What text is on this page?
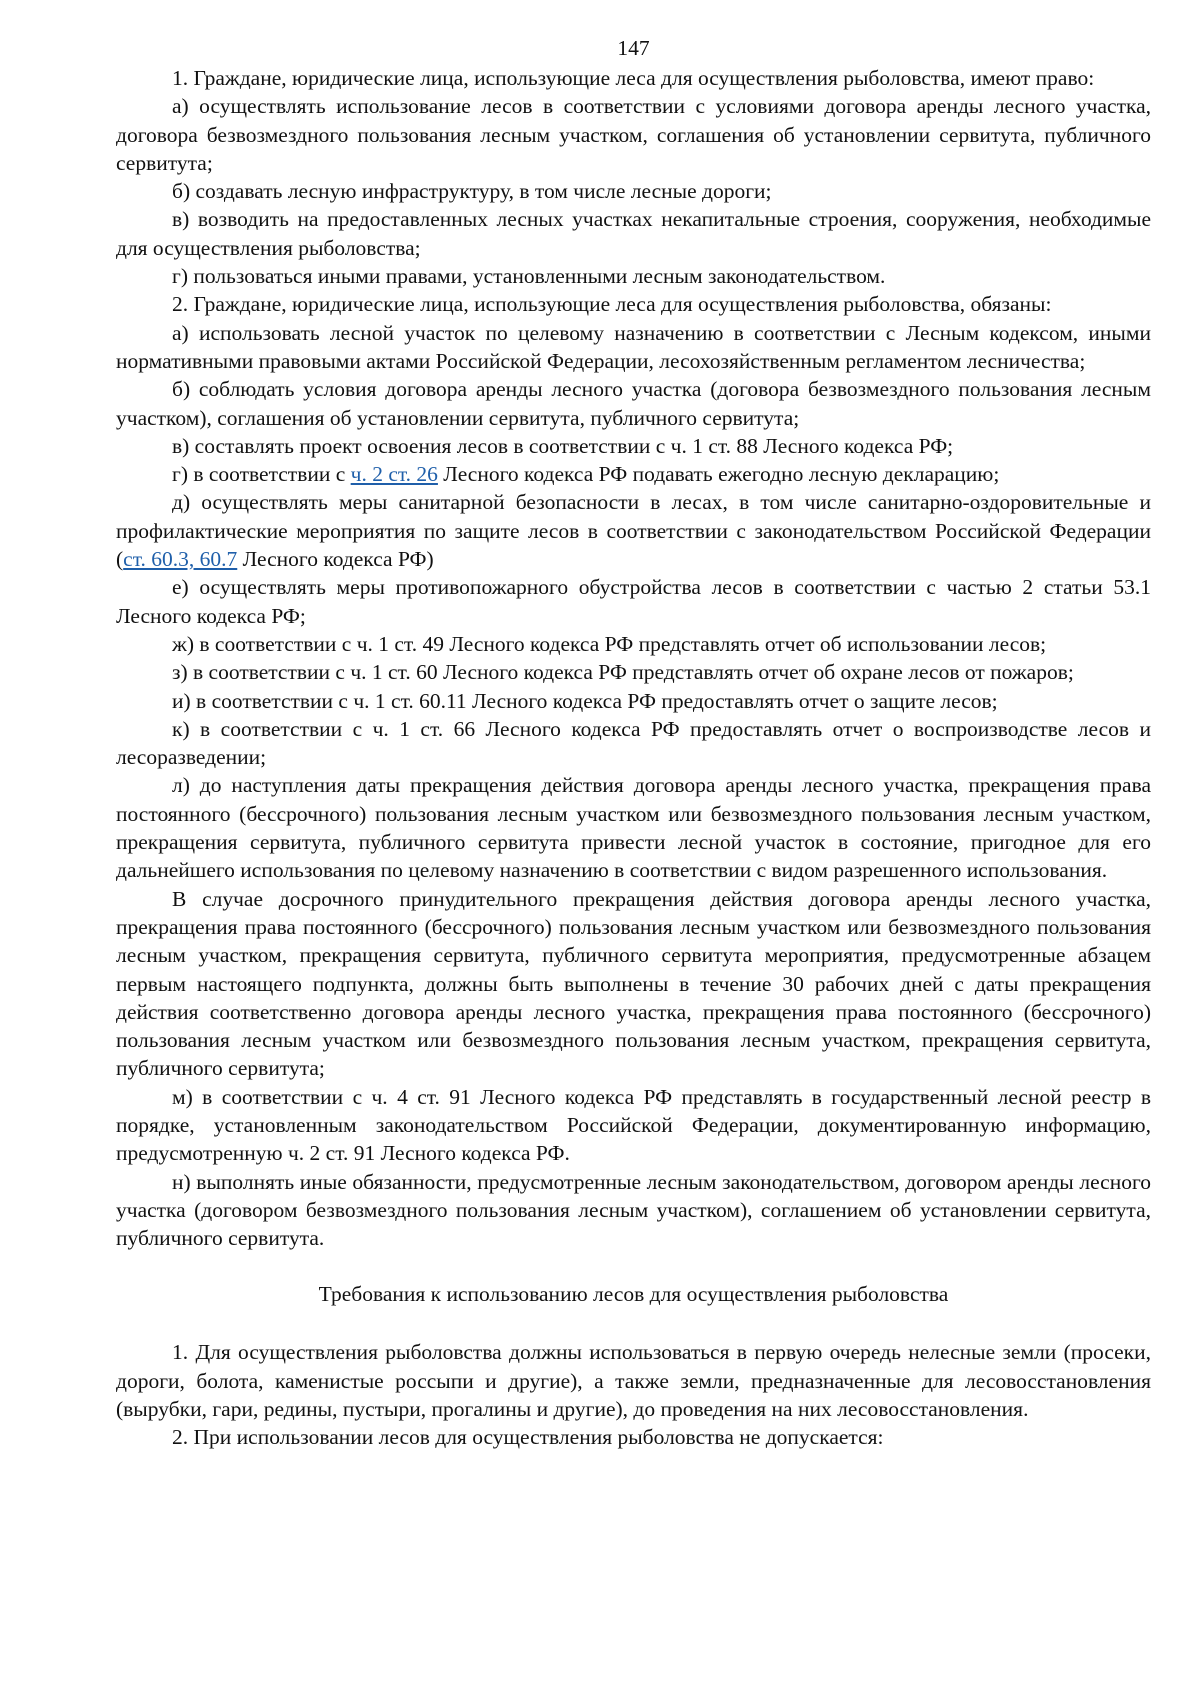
147

1. Граждане, юридические лица, использующие леса для осуществления рыболовства, имеют право:

а) осуществлять использование лесов в соответствии с условиями договора аренды лесного участка, договора безвозмездного пользования лесным участком, соглашения об установлении сервитута, публичного сервитута;

б) создавать лесную инфраструктуру, в том числе лесные дороги;

в) возводить на предоставленных лесных участках некапитальные строения, сооружения, необходимые для осуществления рыболовства;

г) пользоваться иными правами, установленными лесным законодательством.

2. Граждане, юридические лица, использующие леса для осуществления рыболовства, обязаны:

а) использовать лесной участок по целевому назначению в соответствии с Лесным кодексом, иными нормативными правовыми актами Российской Федерации, лесохозяйственным регламентом лесничества;

б) соблюдать условия договора аренды лесного участка (договора безвозмездного пользования лесным участком), соглашения об установлении сервитута, публичного сервитута;

в) составлять проект освоения лесов в соответствии с ч. 1 ст. 88 Лесного кодекса РФ;

г) в соответствии с ч. 2 ст. 26 Лесного кодекса РФ подавать ежегодно лесную декларацию;

д) осуществлять меры санитарной безопасности в лесах, в том числе санитарно-оздоровительные и профилактические мероприятия по защите лесов в соответствии с законодательством Российской Федерации (ст. 60.3, 60.7 Лесного кодекса РФ)

е) осуществлять меры противопожарного обустройства лесов в соответствии с частью 2 статьи 53.1 Лесного кодекса РФ;

ж) в соответствии с ч. 1 ст. 49 Лесного кодекса РФ представлять отчет об использовании лесов;

з) в соответствии с ч. 1 ст. 60 Лесного кодекса РФ представлять отчет об охране лесов от пожаров;

и) в соответствии с ч. 1 ст. 60.11 Лесного кодекса РФ предоставлять отчет о защите лесов;

к) в соответствии с ч. 1 ст. 66 Лесного кодекса РФ предоставлять отчет о воспроизводстве лесов и лесоразведении;

л) до наступления даты прекращения действия договора аренды лесного участка, прекращения права постоянного (бессрочного) пользования лесным участком или безвозмездного пользования лесным участком, прекращения сервитута, публичного сервитута привести лесной участок в состояние, пригодное для его дальнейшего использования по целевому назначению в соответствии с видом разрешенного использования.

В случае досрочного принудительного прекращения действия договора аренды лесного участка, прекращения права постоянного (бессрочного) пользования лесным участком или безвозмездного пользования лесным участком, прекращения сервитута, публичного сервитута мероприятия, предусмотренные абзацем первым настоящего подпункта, должны быть выполнены в течение 30 рабочих дней с даты прекращения действия соответственно договора аренды лесного участка, прекращения права постоянного (бессрочного) пользования лесным участком или безвозмездного пользования лесным участком, прекращения сервитута, публичного сервитута;

м) в соответствии с ч. 4 ст. 91 Лесного кодекса РФ представлять в государственный лесной реестр в порядке, установленным законодательством Российской Федерации, документированную информацию, предусмотренную ч. 2 ст. 91 Лесного кодекса РФ.

н) выполнять иные обязанности, предусмотренные лесным законодательством, договором аренды лесного участка (договором безвозмездного пользования лесным участком), соглашением об установлении сервитута, публичного сервитута.

Требования к использованию лесов для осуществления рыболовства

1. Для осуществления рыболовства должны использоваться в первую очередь нелесные земли (просеки, дороги, болота, каменистые россыпи и другие), а также земли, предназначенные для лесовосстановления (вырубки, гари, редины, пустыри, прогалины и другие), до проведения на них лесовосстановления.

2. При использовании лесов для осуществления рыболовства не допускается:
